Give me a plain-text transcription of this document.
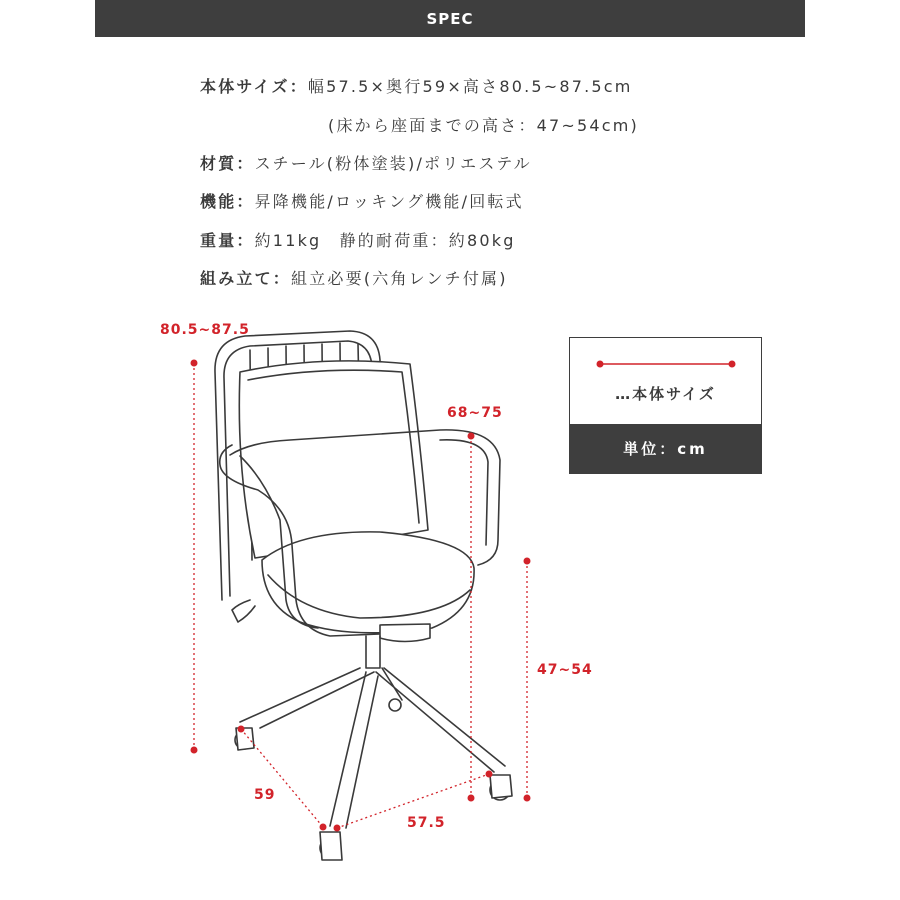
SPEC
本体サイズ：幅57.5×奥行59×高さ80.5~87.5cm
(床から座面までの高さ：47~54cm)
材質：スチール(粉体塗装)/ポリエステル
機能：昇降機能/ロッキング機能/回転式
重量：約11kg　静的耐荷重：約80kg
組み立て：組立必要(六角レンチ付属)
80.5~87.5
68~75
47~54
59
57.5
…本体サイズ
単位：cm
